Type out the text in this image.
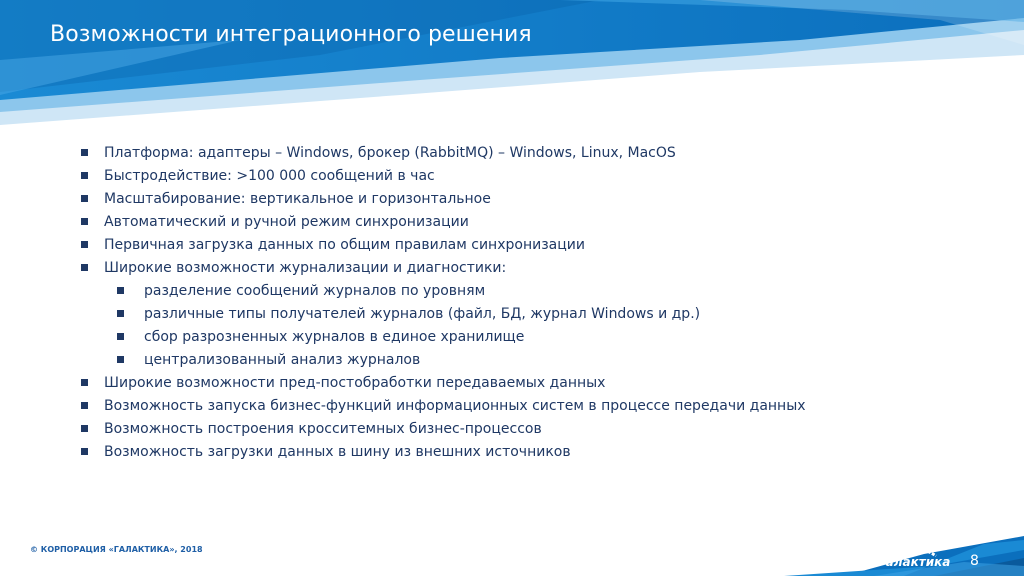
Возможности интеграционного решения
Платформа: адаптеры – Windows, брокер (RabbitMQ) – Windows, Linux, MacOS
Быстродействие: >100 000 сообщений в час
Масштабирование: вертикальное и горизонтальное
Автоматический и ручной режим синхронизации
Первичная загрузка данных по общим правилам синхронизации
Широкие возможности журнализации и диагностики:
разделение сообщений журналов по уровням
различные типы получателей журналов (файл, БД, журнал Windows и др.)
сбор разрозненных журналов в единое хранилище
централизованный анализ журналов
Широкие возможности пред-постобработки передаваемых данных
Возможность запуска бизнес-функций информационных систем в процессе передачи данных
Возможность построения кросситемных бизнес-процессов
Возможность загрузки данных в шину из внешних источников
© КОРПОРАЦИЯ «ГАЛАКТИКА», 2018
Галактика 8
